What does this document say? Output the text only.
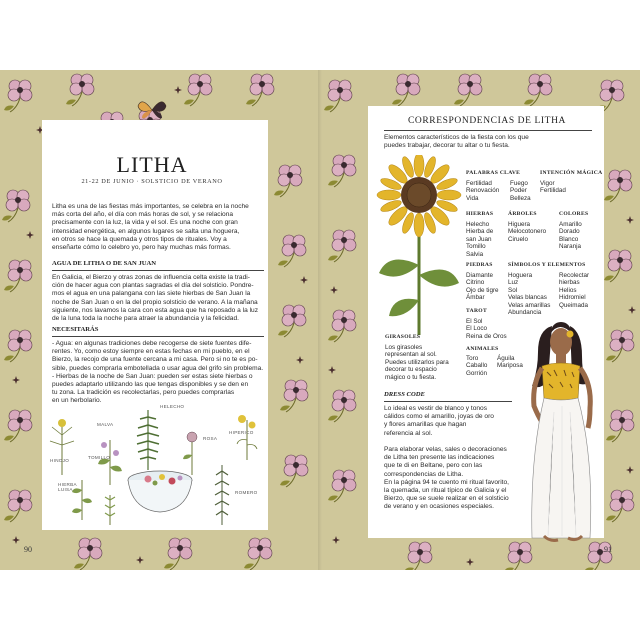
LITHA
21-22 DE JUNIO · SOLSTICIO DE VERANO
Litha es una de las fiestas más importantes, se celebra en la noche
más corta del año, el día con más horas de sol, y se relaciona
precisamente con la luz, la vida y el sol. Es una noche con gran
intensidad energética, en algunos lugares se salta una hoguera,
en otros se hace la quemada y otros tipos de rituales. Voy a
enseñarte cómo lo celebro yo, pero hay muchas más formas.
AGUA DE LITHA O DE SAN JUAN
En Galicia, el Bierzo y otras zonas de influencia celta existe la tradi-
ción de hacer agua con plantas sagradas el día del solsticio. Pondre-
mos el agua en una palangana con las siete hierbas de San Juan la
noche de San Juan o en la del propio solsticio de verano. A la mañana
siguiente, nos lavamos la cara con esta agua que ha reposado a la luz
de la luna toda la noche para atraer la abundancia y la felicidad.
NECESITARÁS
- Agua: en algunas tradiciones debe recogerse de siete fuentes dife-
rentes. Yo, como estoy siempre en estas fechas en mi pueblo, en el
Bierzo, la recojo de una fuente cercana a mi casa. Pero si no te es po-
sible, puedes comprarla embotellada o usar agua del grifo sin problema.
- Hierbas de la noche de San Juan: pueden ser estas siete hierbas o
puedes adaptarlo utilizando las que tengas disponibles y se den en
tu zona. La tradición es recolectarlas, pero puedes comprarlas
en un herbolario.
HINOJO
MALVA
HELECHO
ROSA
TOMILLO
HIERBA LUISA
ROMERO
HIPERICO
90
CORRESPONDENCIAS DE LITHA
Elementos característicos de la fiesta con los que
puedes trabajar, decorar tu altar o tu fiesta.
PALABRAS CLAVE
Fertilidad
Renovación
Vida
Fuego
Poder
Belleza
INTENCIÓN MÁGICA
Vigor
Fertilidad
HIERBAS
Helecho
Hierba de
san Juan
Tomillo
Salvia
ÁRBOLES
Higuera
Melocotonero
Ciruelo
COLORES
Amarillo
Dorado
Blanco
Naranja
PIEDRAS
Diamante
Citrino
Ojo de tigre
Ámbar
SÍMBOLOS Y ELEMENTOS
Hoguera
Luz
Sol
Velas blancas
Velas amarillas
Abundancia
Recolectar
hierbas
Helios
Hidromiel
Queimada
TAROT
El Sol
El Loco
Reina de Oros
ANIMALES
Toro
Caballo
Gorrión
Águila
Mariposa
GIRASOLES
Los girasoles
representan al sol.
Puedes utilizarlos para
decorar tu espacio
mágico o tu fiesta.
DRESS CODE
Lo ideal es vestir de blanco y tonos
cálidos como el amarillo, joyas de oro
y flores amarillas que hagan
referencia al sol.
Para elaborar velas, sales o decoraciones
de Litha ten presente las indicaciones
que te di en Beltane, pero con las
correspondencias de Litha.
En la página 94 te cuento mi ritual favorito,
la quemada, un ritual típico de Galicia y el
Bierzo, que se suele realizar en el solsticio
de verano y en ocasiones especiales.
91
